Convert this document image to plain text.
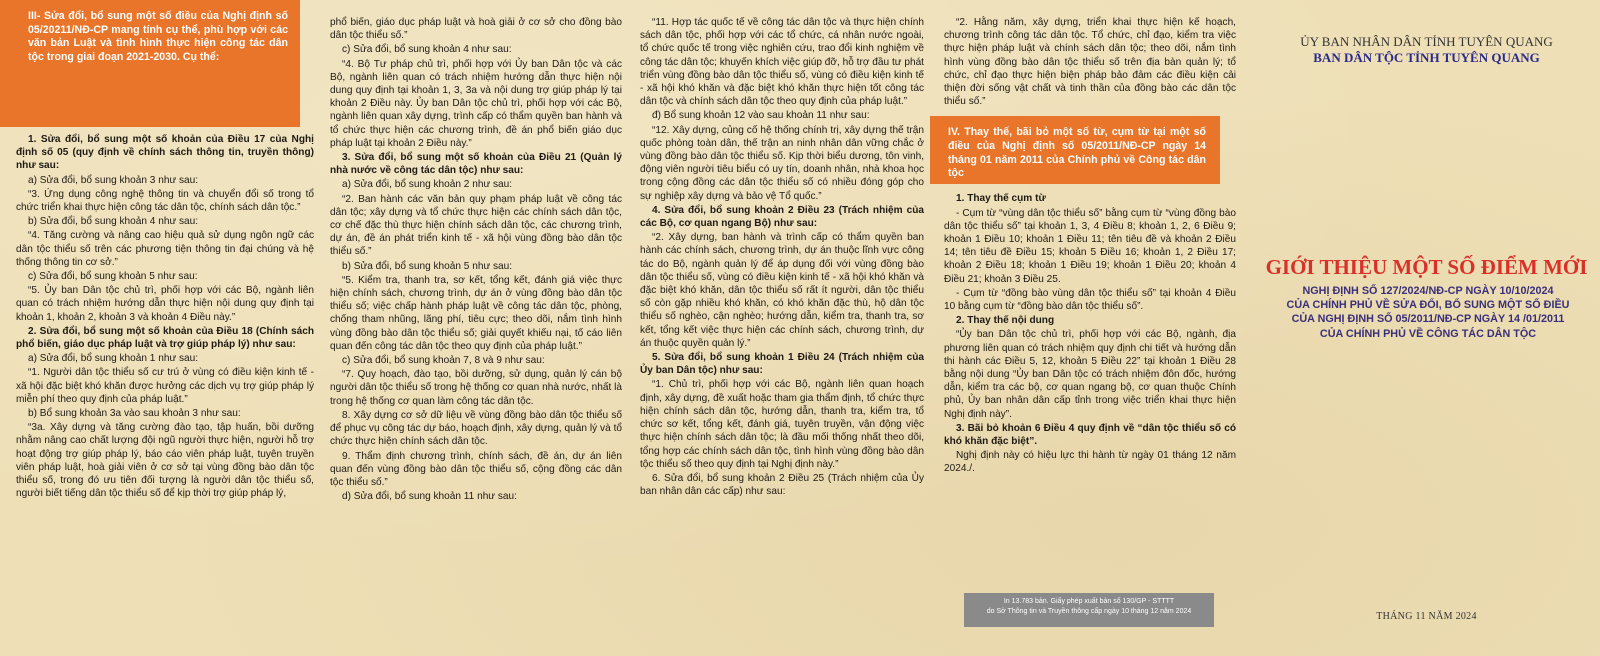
III- Sửa đổi, bổ sung một số điều của Nghị định số 05/20211/NĐ-CP mang tính cụ thể, phù hợp với các văn bản Luật và tình hình thực hiện công tác dân tộc trong giai đoạn 2021-2030. Cụ thể:

1. Sửa đổi, bổ sung một số khoản của Điều 17 của Nghị định số 05 (quy định về chính sách thông tin, truyền thông) như sau:

a) Sửa đổi, bổ sung khoản 3 như sau:

“3. Ứng dụng công nghệ thông tin và chuyển đổi số trong tổ chức triển khai thực hiện công tác dân tộc, chính sách dân tộc.”

b) Sửa đổi, bổ sung khoản 4 như sau:

“4. Tăng cường và nâng cao hiệu quả sử dụng ngôn ngữ các dân tộc thiểu số trên các phương tiện thông tin đại chúng và hệ thống thông tin cơ sở.”

c) Sửa đổi, bổ sung khoản 5 như sau:

“5. Ủy ban Dân tộc chủ trì, phối hợp với các Bộ, ngành liên quan có trách nhiệm hướng dẫn thực hiện nội dung quy định tại khoản 1, khoản 2, khoản 3 và khoản 4 Điều này.”

2. Sửa đổi, bổ sung một số khoản của Điều 18 (Chính sách phổ biến, giáo dục pháp luật và trợ giúp pháp lý) như sau:

a) Sửa đổi, bổ sung khoản 1 như sau:

“1. Người dân tộc thiểu số cư trú ở vùng có điều kiện kinh tế - xã hội đặc biệt khó khăn được hưởng các dịch vụ trợ giúp pháp lý miễn phí theo quy định của pháp luật.”

b) Bổ sung khoản 3a vào sau khoản 3 như sau:

“3a. Xây dựng và tăng cường đào tạo, tập huấn, bồi dưỡng nhằm nâng cao chất lượng đội ngũ người thực hiện, người hỗ trợ hoạt động trợ giúp pháp lý, báo cáo viên pháp luật, tuyên truyền viên pháp luật, hoà giải viên ở cơ sở tại vùng đồng bào dân tộc thiểu số, trong đó ưu tiên đối tượng là người dân tộc thiểu số, người biết tiếng dân tộc thiểu số để kịp thời trợ giúp pháp lý,

phổ biến, giáo dục pháp luật và hoà giải ở cơ sở cho đồng bào dân tộc thiểu số.”

c) Sửa đổi, bổ sung khoản 4 như sau:

“4. Bộ Tư pháp chủ trì, phối hợp với Ủy ban Dân tộc và các Bộ, ngành liên quan có trách nhiệm hướng dẫn thực hiện nội dung quy định tại khoản 1, 3, 3a và nội dung trợ giúp pháp lý tại khoản 2 Điều này. Ủy ban Dân tộc chủ trì, phối hợp với các Bộ, ngành liên quan xây dựng, trình cấp có thẩm quyền ban hành và tổ chức thực hiện các chương trình, đề án phổ biến giáo dục pháp luật tại khoản 2 Điều này.”

3. Sửa đổi, bổ sung một số khoản của Điều 21 (Quản lý nhà nước về công tác dân tộc) như sau:

a) Sửa đổi, bổ sung khoản 2 như sau:

“2. Ban hành các văn bản quy phạm pháp luật về công tác dân tộc; xây dựng và tổ chức thực hiện các chính sách dân tộc, cơ chế đặc thù thực hiện chính sách dân tộc, các chương trình, dự án, đề án phát triển kinh tế - xã hội vùng đồng bào dân tộc thiểu số.”

b) Sửa đổi, bổ sung khoản 5 như sau:

“5. Kiểm tra, thanh tra, sơ kết, tổng kết, đánh giá việc thực hiện chính sách, chương trình, dự án ở vùng đồng bào dân tộc thiểu số; việc chấp hành pháp luật về công tác dân tộc, phòng, chống tham nhũng, lãng phí, tiêu cực; theo dõi, nắm tình hình vùng đồng bào dân tộc thiểu số; giải quyết khiếu nại, tố cáo liên quan đến công tác dân tộc theo quy định của pháp luật.”

c) Sửa đổi, bổ sung khoản 7, 8 và 9 như sau:

“7. Quy hoạch, đào tạo, bồi dưỡng, sử dụng, quản lý cán bộ người dân tộc thiểu số trong hệ thống cơ quan nhà nước, nhất là trong hệ thống cơ quan làm công tác dân tộc.

8. Xây dựng cơ sở dữ liệu về vùng đồng bào dân tộc thiểu số để phục vụ công tác dự báo, hoạch định, xây dựng, quản lý và tổ chức thực hiện chính sách dân tộc.

9. Thẩm định chương trình, chính sách, đề án, dự án liên quan đến vùng đồng bào dân tộc thiểu số, cộng đồng các dân tộc thiểu số.”

d) Sửa đổi, bổ sung khoản 11 như sau:

“11. Hợp tác quốc tế về công tác dân tộc và thực hiện chính sách dân tộc, phối hợp với các tổ chức, cá nhân nước ngoài, tổ chức quốc tế trong việc nghiên cứu, trao đổi kinh nghiệm về công tác dân tộc; khuyến khích việc giúp đỡ, hỗ trợ đầu tư phát triển vùng đồng bào dân tộc thiểu số, vùng có điều kiện kinh tế - xã hội khó khăn và đặc biệt khó khăn thực hiện tốt công tác dân tộc và chính sách dân tộc theo quy định của pháp luật.”

đ) Bổ sung khoản 12 vào sau khoản 11 như sau:

“12. Xây dựng, củng cố hệ thống chính trị, xây dựng thế trận quốc phòng toàn dân, thế trận an ninh nhân dân vững chắc ở vùng đồng bào dân tộc thiểu số. Kịp thời biểu dương, tôn vinh, động viên người tiêu biểu có uy tín, doanh nhân, nhà khoa học trong cộng đồng các dân tộc thiểu số có nhiều đóng góp cho sự nghiệp xây dựng và bảo vệ Tổ quốc.”

4. Sửa đổi, bổ sung khoản 2 Điều 23 (Trách nhiệm của các Bộ, cơ quan ngang Bộ) như sau:

“2. Xây dựng, ban hành và trình cấp có thẩm quyền ban hành các chính sách, chương trình, dự án thuộc lĩnh vực công tác do Bộ, ngành quản lý để áp dụng đối với vùng đồng bào dân tộc thiểu số, vùng có điều kiện kinh tế - xã hội khó khăn và đặc biệt khó khăn, dân tộc thiểu số rất ít người, dân tộc thiểu số còn gặp nhiều khó khăn, có khó khăn đặc thù, hộ dân tộc thiểu số nghèo, cận nghèo; hướng dẫn, kiểm tra, thanh tra, sơ kết, tổng kết việc thực hiện các chính sách, chương trình, dự án thuộc quyền quản lý.”

5. Sửa đổi, bổ sung khoản 1 Điều 24 (Trách nhiệm của Ủy ban Dân tộc) như sau:

“1. Chủ trì, phối hợp với các Bộ, ngành liên quan hoạch định, xây dựng, đề xuất hoặc tham gia thẩm định, tổ chức thực hiện chính sách dân tộc, hướng dẫn, thanh tra, kiểm tra, tổ chức sơ kết, tổng kết, đánh giá, tuyên truyền, vận động việc thực hiện chính sách dân tộc; là đầu mối thống nhất theo dõi, tổng hợp các chính sách dân tộc, tình hình vùng đồng bào dân tộc thiểu số theo quy định tại Nghị định này.”

6. Sửa đổi, bổ sung khoản 2 Điều 25 (Trách nhiệm của Ủy ban nhân dân các cấp) như sau:

“2. Hằng năm, xây dựng, triển khai thực hiện kế hoạch, chương trình công tác dân tộc. Tổ chức, chỉ đạo, kiểm tra việc thực hiện pháp luật và chính sách dân tộc; theo dõi, nắm tình hình vùng đồng bào dân tộc thiểu số trên địa bàn quản lý; tổ chức, chỉ đạo thực hiện biện pháp bảo đảm các điều kiện cải thiện đời sống vật chất và tinh thần của đồng bào các dân tộc thiểu số.”

IV. Thay thế, bãi bỏ một số từ, cụm từ tại một số điều của Nghị định số 05/2011/NĐ-CP ngày 14 tháng 01 năm 2011 của Chính phủ về Công tác dân tộc

1. Thay thế cụm từ

- Cụm từ “vùng dân tộc thiểu số” bằng cụm từ “vùng đồng bào dân tộc thiểu số” tại khoản 1, 3, 4 Điều 8; khoản 1, 2, 6 Điều 9; khoản 1 Điều 10; khoản 1 Điều 11; tên tiêu đề và khoản 2 Điều 14; tên tiêu đề Điều 15; khoản 5 Điều 16; khoản 1, 2 Điều 17; khoản 2 Điều 18; khoản 1 Điều 19; khoản 1 Điều 20; khoản 4 Điều 21; khoản 3 Điều 25.

- Cụm từ “đồng bào vùng dân tộc thiểu số” tại khoản 4 Điều 10 bằng cụm từ “đồng bào dân tộc thiểu số”.

2. Thay thế nội dung

“Ủy ban Dân tộc chủ trì, phối hợp với các Bộ, ngành, địa phương liên quan có trách nhiệm quy định chi tiết và hướng dẫn thi hành các Điều 5, 12, khoản 5 Điều 22” tại khoản 1 Điều 28 bằng nội dung “Ủy ban Dân tộc có trách nhiệm đôn đốc, hướng dẫn, kiểm tra các bộ, cơ quan ngang bộ, cơ quan thuộc Chính phủ, Ủy ban nhân dân cấp tỉnh trong việc triển khai thực hiện Nghị định này”.

3. Bãi bỏ khoản 6 Điều 4 quy định về “dân tộc thiểu số có khó khăn đặc biệt”.

Nghị định này có hiệu lực thi hành từ ngày 01 tháng 12 năm 2024./.

In 13.783 bản. Giấy phép xuất bản số 130/GP - STTTT
do Sở Thông tin và Truyền thông cấp ngày 10 tháng 12 năm 2024
ỦY BAN NHÂN DÂN TỈNH TUYÊN QUANG
BAN DÂN TỘC TỈNH TUYÊN QUANG
GIỚI THIỆU MỘT SỐ ĐIỂM MỚI
NGHỊ ĐỊNH SỐ 127/2024/NĐ-CP NGÀY 10/10/2024
CỦA CHÍNH PHỦ VỀ SỬA ĐỔI, BỔ SUNG MỘT SỐ ĐIỀU
CỦA NGHỊ ĐỊNH SỐ 05/2011/NĐ-CP NGÀY 14 /01/2011
CỦA CHÍNH PHỦ VỀ CÔNG TÁC DÂN TỘC
THÁNG 11 NĂM 2024
